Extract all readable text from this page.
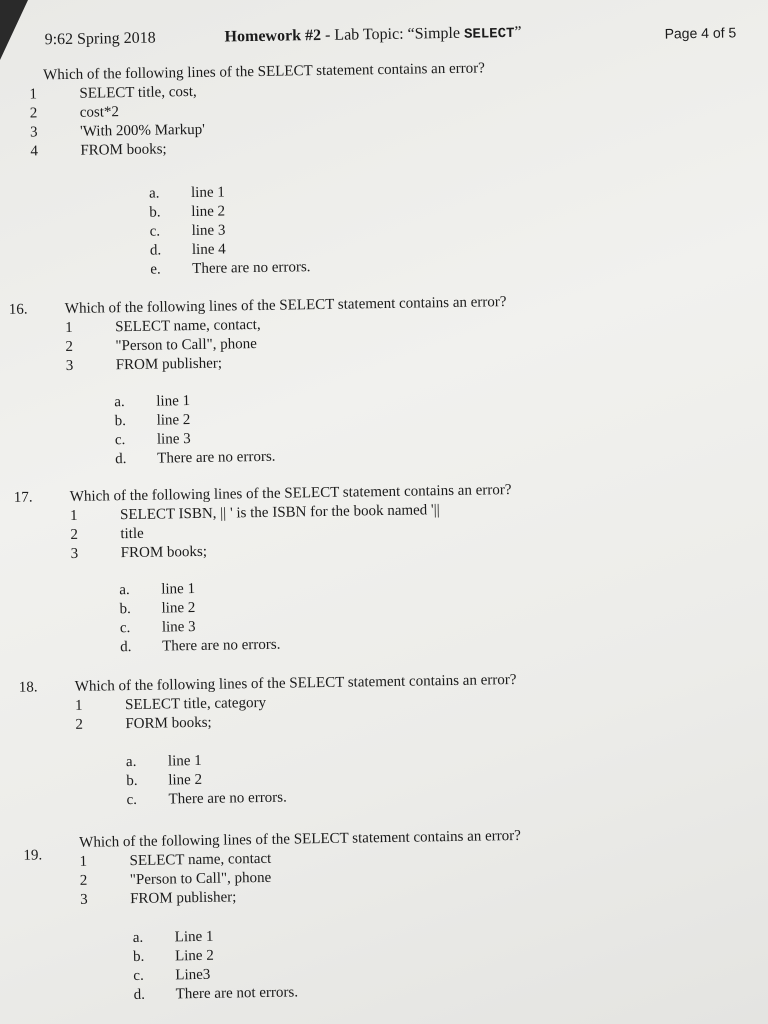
9:62 Spring 2018	Homework #2 - Lab Topic: “Simple SELECT”	Page 4 of 5
Which of the following lines of the SELECT statement contains an error?
1	SELECT title, cost,
2	cost*2
3	'With 200% Markup'
4	FROM books;
a.	line 1
b.	line 2
c.	line 3
d.	line 4
e.	There are no errors.
16.	Which of the following lines of the SELECT statement contains an error?
1	SELECT name, contact,
2	"Person to Call", phone
3	FROM publisher;
a.	line 1
b.	line 2
c.	line 3
d.	There are no errors.
17.	Which of the following lines of the SELECT statement contains an error?
1	SELECT ISBN, || ' is the ISBN for the book named '||
2	title
3	FROM books;
a.	line 1
b.	line 2
c.	line 3
d.	There are no errors.
18.	Which of the following lines of the SELECT statement contains an error?
1	SELECT title, category
2	FORM books;
a.	line 1
b.	line 2
c.	There are no errors.
19.
Which of the following lines of the SELECT statement contains an error?
1	SELECT name, contact
2	"Person to Call", phone
3	FROM publisher;
a.	Line 1
b.	Line 2
c.	Line3
d.	There are not errors.
